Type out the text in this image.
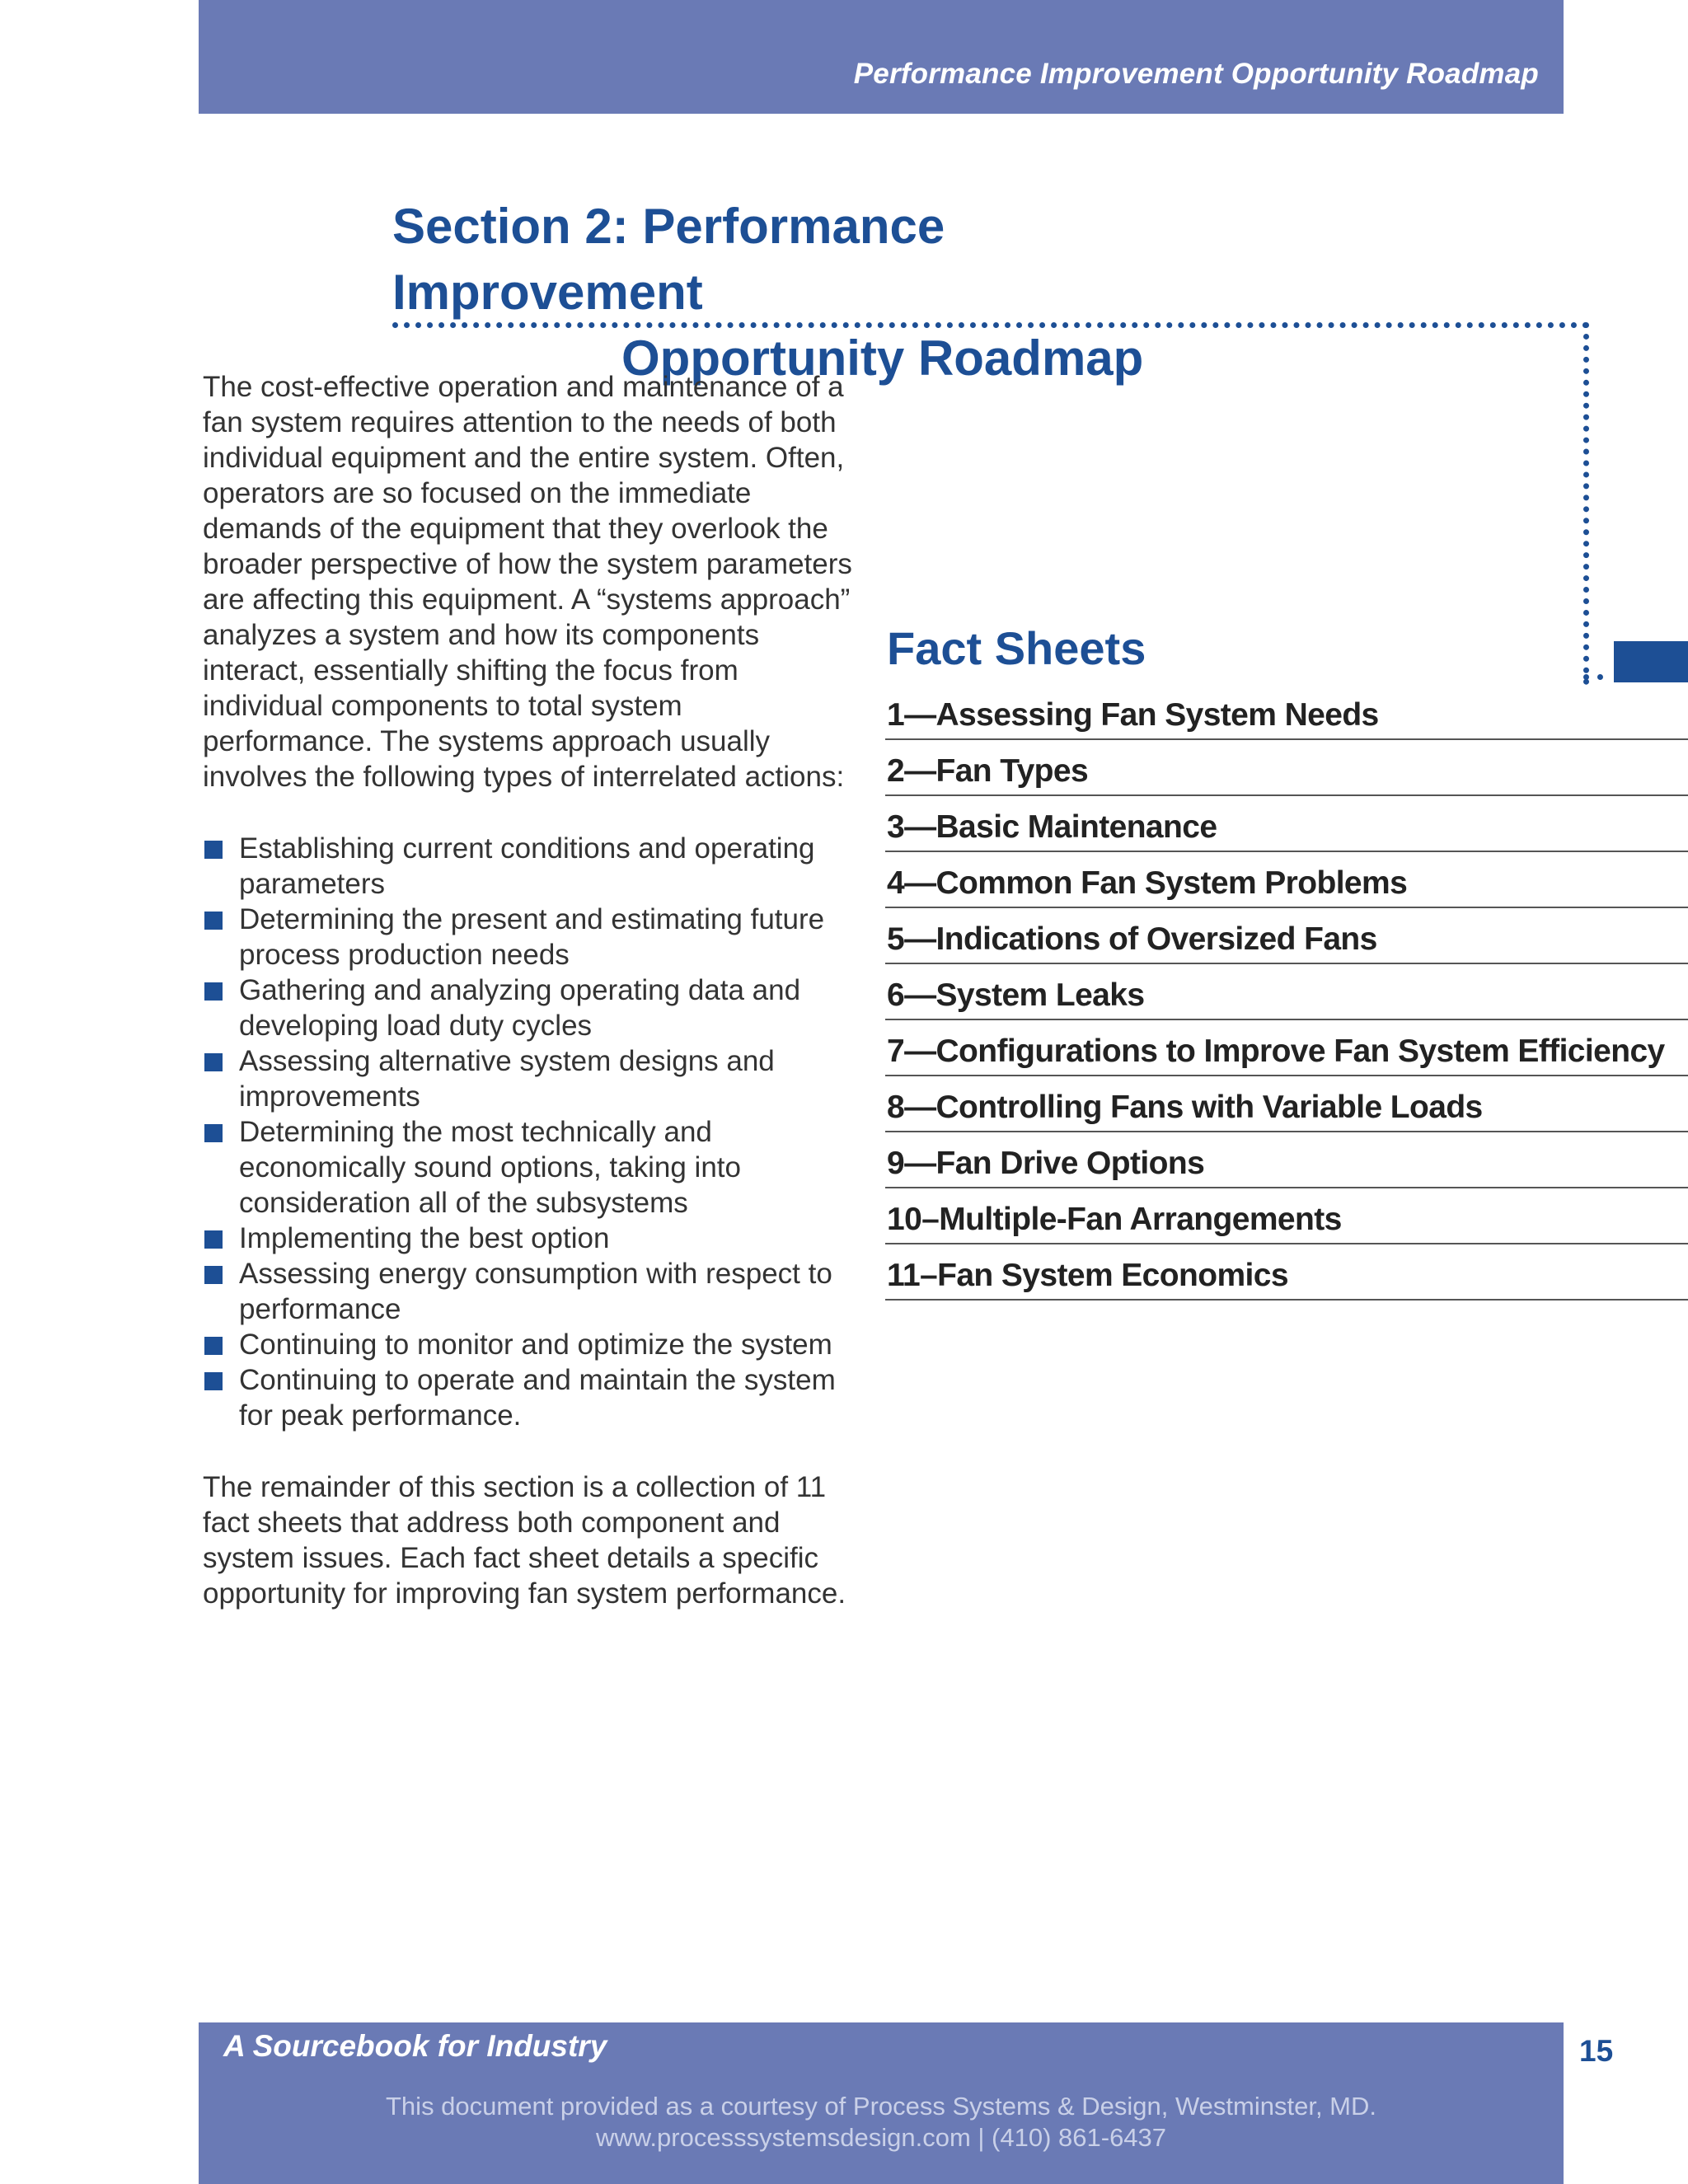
Performance Improvement Opportunity Roadmap
Section 2: Performance Improvement
Opportunity Roadmap

The cost-effective operation and maintenance of a fan system requires attention to the needs of both individual equipment and the entire system. Often, operators are so focused on the immediate demands of the equipment that they overlook the broader perspective of how the system parameters are affecting this equipment. A “systems approach” analyzes a system and how its components interact, essentially shifting the focus from individual components to total system performance. The systems approach usually involves the following types of interrelated actions:

Establishing current conditions and operating parameters
Determining the present and estimating future process production needs
Gathering and analyzing operating data and developing load duty cycles
Assessing alternative system designs and improvements
Determining the most technically and economically sound options, taking into consideration all of the subsystems
Implementing the best option
Assessing energy consumption with respect to performance
Continuing to monitor and optimize the system
Continuing to operate and maintain the system for peak performance.

The remainder of this section is a collection of 11 fact sheets that address both component and system issues. Each fact sheet details a specific opportunity for improving fan system performance.

Fact Sheets
1—Assessing Fan System Needs
2—Fan Types
3—Basic Maintenance
4—Common Fan System Problems
5—Indications of Oversized Fans
6—System Leaks
7—Configurations to Improve Fan System Efficiency
8—Controlling Fans with Variable Loads
9—Fan Drive Options
10–Multiple-Fan Arrangements
11–Fan System Economics
A Sourcebook for Industry
This document provided as a courtesy of Process Systems & Design, Westminster, MD.
www.processsystemsdesign.com | (410) 861-6437
15
